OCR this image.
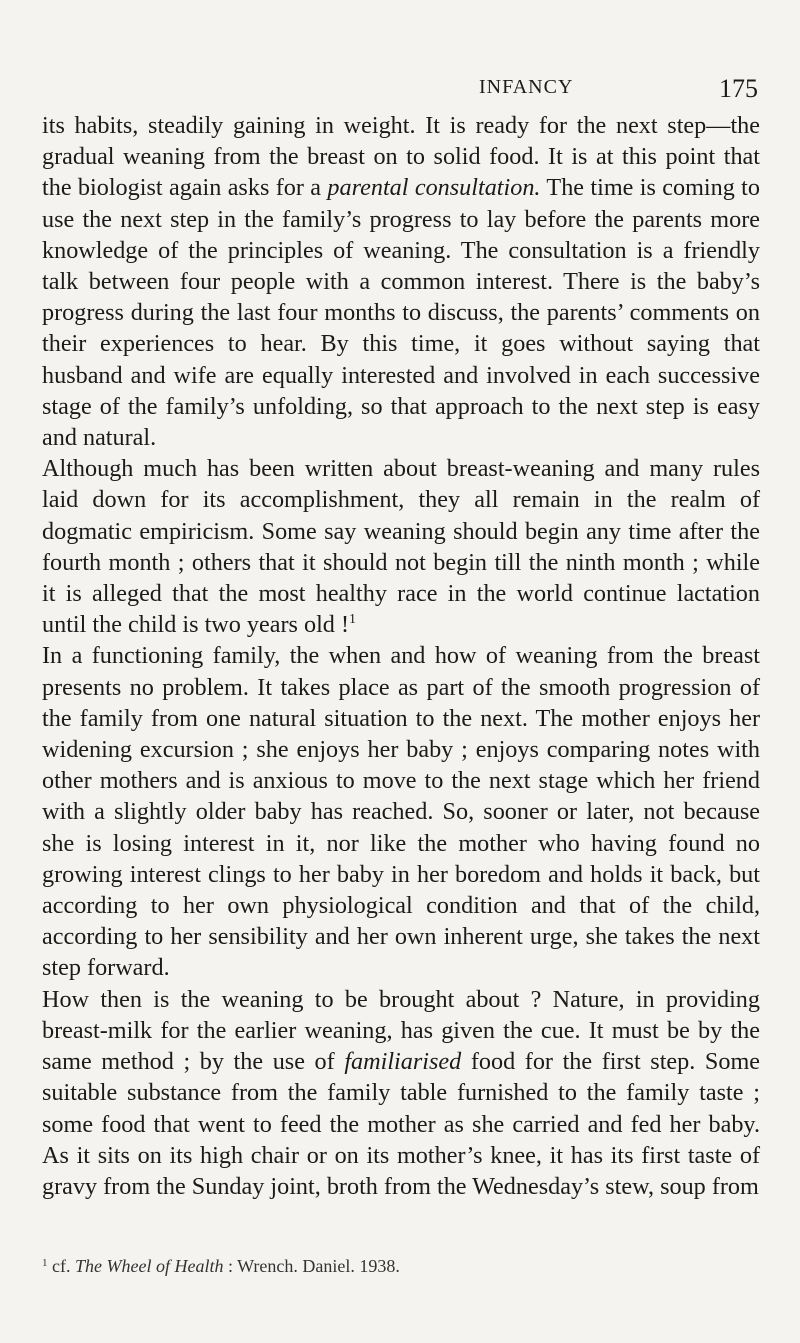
INFANCY	175

its habits, steadily gaining in weight. It is ready for the next step—the gradual weaning from the breast on to solid food. It is at this point that the biologist again asks for a parental consultation. The time is coming to use the next step in the family’s progress to lay before the parents more knowledge of the principles of weaning. The consultation is a friendly talk between four people with a common interest. There is the baby’s progress during the last four months to discuss, the parents’ comments on their experiences to hear. By this time, it goes without saying that husband and wife are equally interested and involved in each successive stage of the family’s unfolding, so that approach to the next step is easy and natural.

Although much has been written about breast-weaning and many rules laid down for its accomplishment, they all remain in the realm of dogmatic empiricism. Some say weaning should begin any time after the fourth month ; others that it should not begin till the ninth month ; while it is alleged that the most healthy race in the world continue lactation until the child is two years old !$^1$

In a functioning family, the when and how of weaning from the breast presents no problem. It takes place as part of the smooth progression of the family from one natural situation to the next. The mother enjoys her widening excursion ; she enjoys her baby ; enjoys comparing notes with other mothers and is anxious to move to the next stage which her friend with a slightly older baby has reached. So, sooner or later, not because she is losing interest in it, nor like the mother who having found no growing interest clings to her baby in her boredom and holds it back, but according to her own physiological condition and that of the child, according to her sensibility and her own inherent urge, she takes the next step forward.

How then is the weaning to be brought about ? Nature, in providing breast-milk for the earlier weaning, has given the cue. It must be by the same method ; by the use of familiarised food for the first step. Some suitable substance from the family table furnished to the family taste ; some food that went to feed the mother as she carried and fed her baby. As it sits on its high chair or on its mother’s knee, it has its first taste of gravy from the Sunday joint, broth from the Wednesday’s stew, soup from

$^1$ cf. The Wheel of Health : Wrench. Daniel. 1938.
